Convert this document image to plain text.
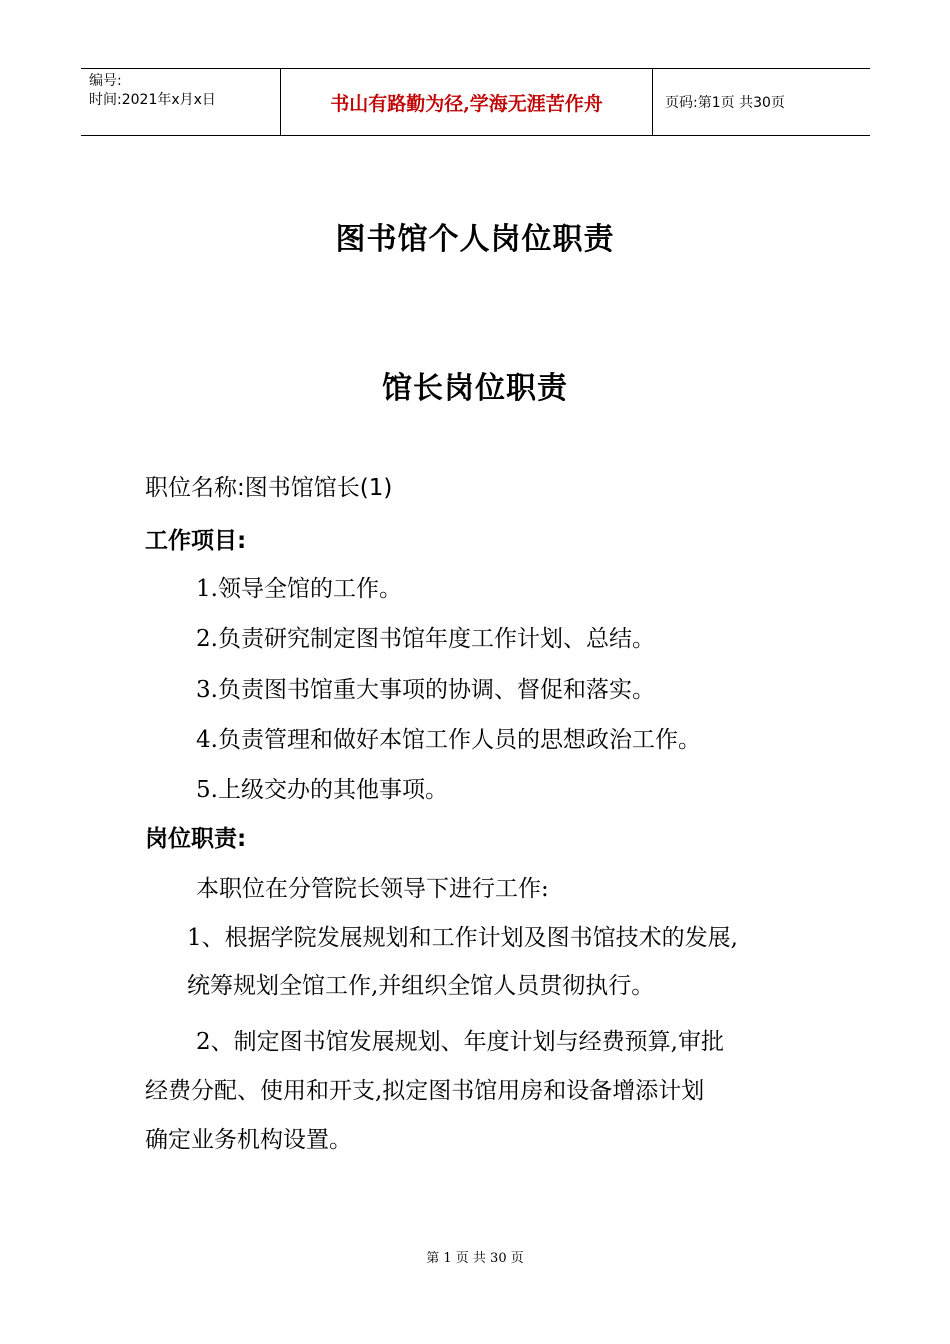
编号:
时间:2021年x月x日	书山有路勤为径,学海无涯苦作舟	页码:第1页 共30页
图书馆个人岗位职责
馆长岗位职责
职位名称:图书馆馆长(1)
工作项目:
1.领导全馆的工作。
2.负责研究制定图书馆年度工作计划、总结。
3.负责图书馆重大事项的协调、督促和落实。
4.负责管理和做好本馆工作人员的思想政治工作。
5.上级交办的其他事项。
岗位职责:
本职位在分管院长领导下进行工作:
1、根据学院发展规划和工作计划及图书馆技术的发展,
统筹规划全馆工作,并组织全馆人员贯彻执行。
2、制定图书馆发展规划、年度计划与经费预算,审批
经费分配、使用和开支,拟定图书馆用房和设备增添计划
确定业务机构设置。
第 1 页 共 30 页
